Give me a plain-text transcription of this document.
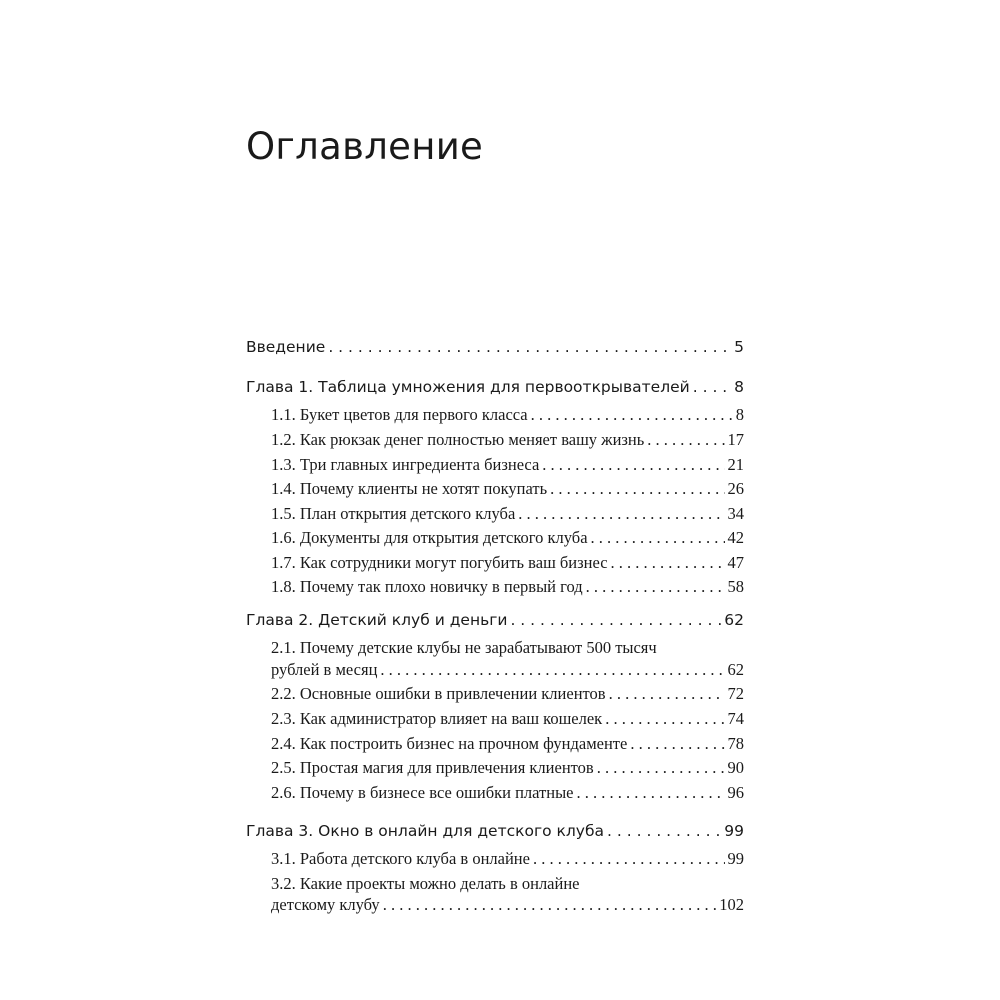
Оглавление
Введение . . .	5
Глава 1. Таблица умножения для первооткрывателей . . .	8
1.1. Букет цветов для первого класса . . .	8
1.2. Как рюкзак денег полностью меняет вашу жизнь . . .	17
1.3. Три главных ингредиента бизнеса . . .	21
1.4. Почему клиенты не хотят покупать . . .	26
1.5. План открытия детского клуба . . .	34
1.6. Документы для открытия детского клуба . . .	42
1.7. Как сотрудники могут погубить ваш бизнес . . .	47
1.8. Почему так плохо новичку в первый год . . .	58
Глава 2. Детский клуб и деньги . . .	62
2.1. Почему детские клубы не зарабатывают 500 тысяч
рублей в месяц . . .	62
2.2. Основные ошибки в привлечении клиентов . . .	72
2.3. Как администратор влияет на ваш кошелек . . .	74
2.4. Как построить бизнес на прочном фундаменте . . .	78
2.5. Простая магия для привлечения клиентов . . .	90
2.6. Почему в бизнесе все ошибки платные . . .	96
Глава 3. Окно в онлайн для детского клуба . . .	99
3.1. Работа детского клуба в онлайне . . .	99
3.2. Какие проекты можно делать в онлайне
детскому клубу . . .	102
